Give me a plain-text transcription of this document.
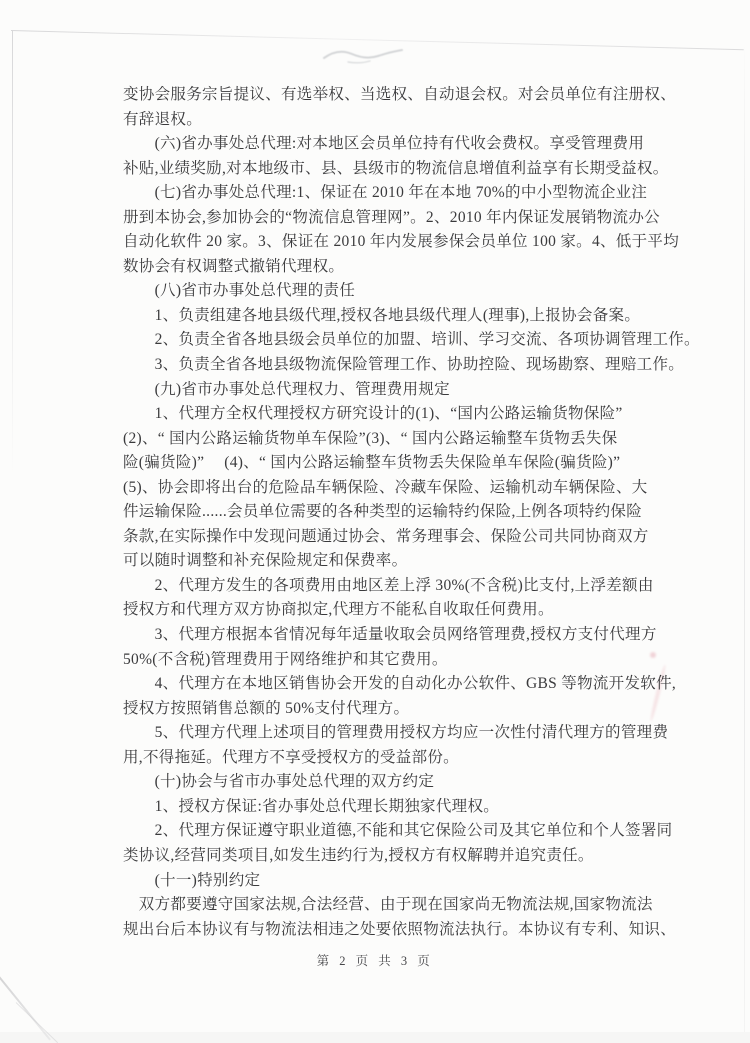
变协会服务宗旨提议、有选举权、当选权、自动退会权。对会员单位有注册权、
有辞退权。
　　(六)省办事处总代理:对本地区会员单位持有代收会费权。享受管理费用
补贴,业绩奖励,对本地级市、县、县级市的物流信息增值利益享有长期受益权。
　　(七)省办事处总代理:1、保证在 2010 年在本地 70%的中小型物流企业注
册到本协会,参加协会的“物流信息管理网”。2、2010 年内保证发展销物流办公
自动化软件 20 家。3、保证在 2010 年内发展参保会员单位 100 家。4、低于平均
数协会有权调整式撤销代理权。
　　(八)省市办事处总代理的责任
　　1、负责组建各地县级代理,授权各地县级代理人(理事),上报协会备案。
　　2、负责全省各地县级会员单位的加盟、培训、学习交流、各项协调管理工作。
　　3、负责全省各地县级物流保险管理工作、协助控险、现场勘察、理赔工作。
　　(九)省市办事处总代理权力、管理费用规定
　　1、代理方全权代理授权方研究设计的(1)、“国内公路运输货物保险”
(2)、“ 国内公路运输货物单车保险”(3)、“ 国内公路运输整车货物丢失保
险(骗货险)” 　(4)、“ 国内公路运输整车货物丢失保险单车保险(骗货险)”
(5)、协会即将出台的危险品车辆保险、冷藏车保险、运输机动车辆保险、大
件运输保险......会员单位需要的各种类型的运输特约保险,上例各项特约保险
条款,在实际操作中发现问题通过协会、常务理事会、保险公司共同协商双方
可以随时调整和补充保险规定和保费率。
　　2、代理方发生的各项费用由地区差上浮 30%(不含税)比支付,上浮差额由
授权方和代理方双方协商拟定,代理方不能私自收取任何费用。
　　3、代理方根据本省情况每年适量收取会员网络管理费,授权方支付代理方
50%(不含税)管理费用于网络维护和其它费用。
　　4、代理方在本地区销售协会开发的自动化办公软件、GBS 等物流开发软件,
授权方按照销售总额的 50%支付代理方。
　　5、代理方代理上述项目的管理费用授权方均应一次性付清代理方的管理费
用,不得拖延。代理方不享受授权方的受益部份。
　　(十)协会与省市办事处总代理的双方约定
　　1、授权方保证:省办事处总代理长期独家代理权。
　　2、代理方保证遵守职业道德,不能和其它保险公司及其它单位和个人签署同
类协议,经营同类项目,如发生违约行为,授权方有权解聘并追究责任。
　　(十一)特别约定
　双方都要遵守国家法规,合法经营、由于现在国家尚无物流法规,国家物流法
规出台后本协议有与物流法相违之处要依照物流法执行。本协议有专利、知识、
第 2 页 共 3 页
